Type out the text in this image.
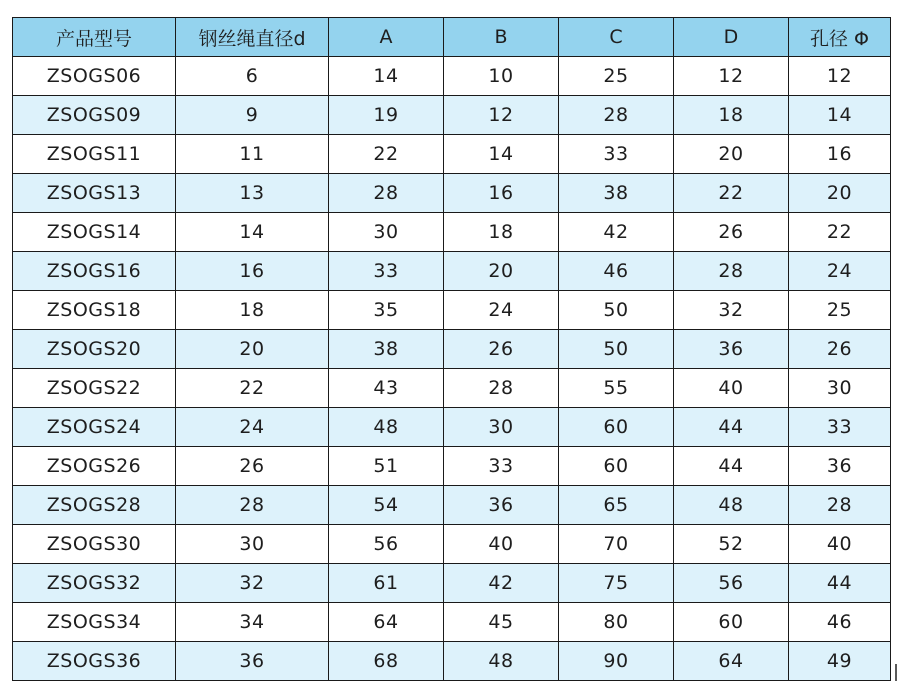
产品型号	钢丝绳直径d	A	B	C	D	孔径 Φ
ZSOGS06	6	14	10	25	12	12
ZSOGS09	9	19	12	28	18	14
ZSOGS11	11	22	14	33	20	16
ZSOGS13	13	28	16	38	22	20
ZSOGS14	14	30	18	42	26	22
ZSOGS16	16	33	20	46	28	24
ZSOGS18	18	35	24	50	32	25
ZSOGS20	20	38	26	50	36	26
ZSOGS22	22	43	28	55	40	30
ZSOGS24	24	48	30	60	44	33
ZSOGS26	26	51	33	60	44	36
ZSOGS28	28	54	36	65	48	28
ZSOGS30	30	56	40	70	52	40
ZSOGS32	32	61	42	75	56	44
ZSOGS34	34	64	45	80	60	46
ZSOGS36	36	68	48	90	64	49
